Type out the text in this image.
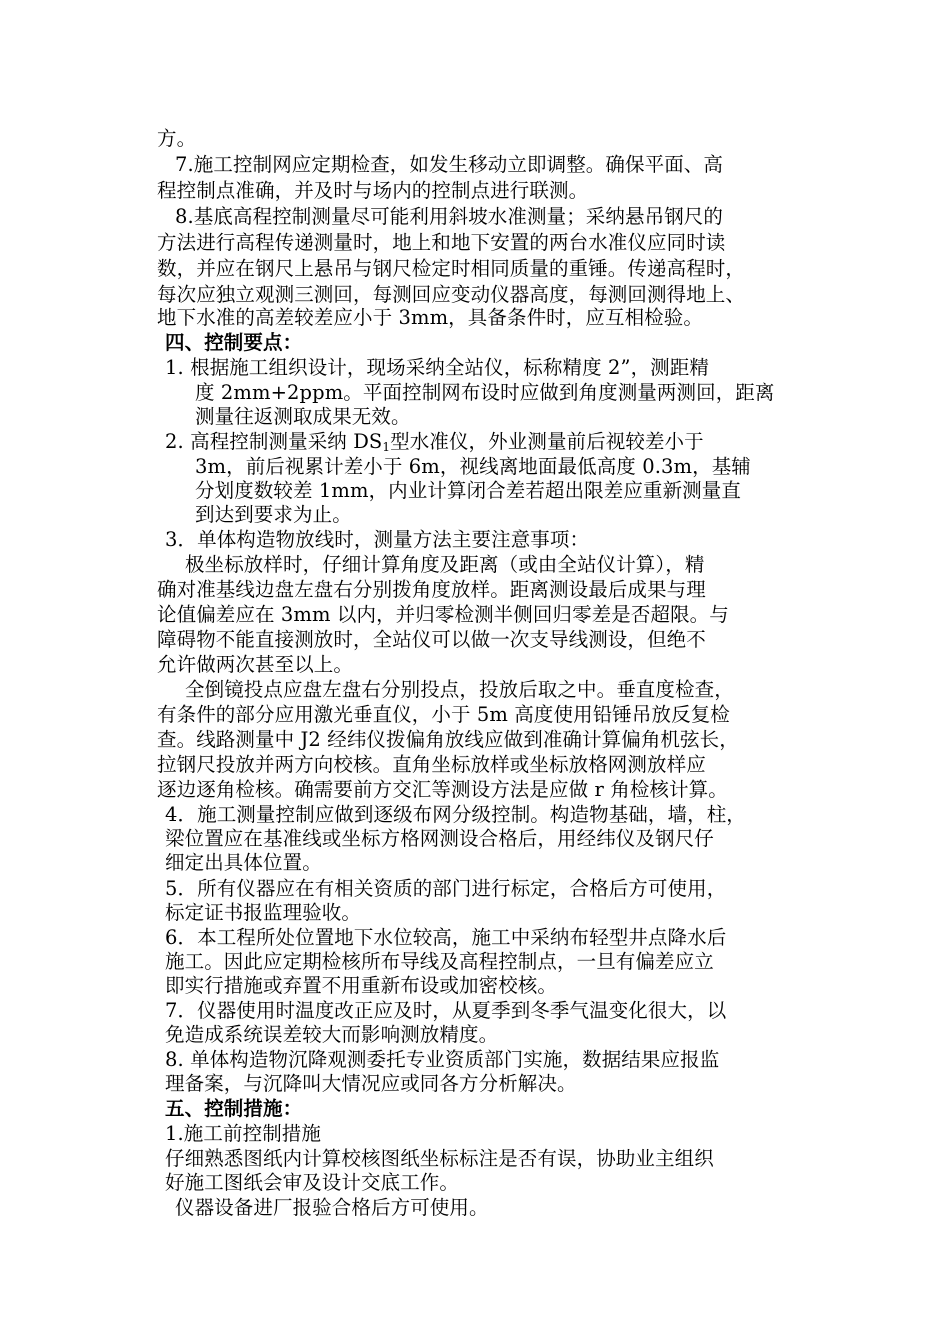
方。
7.施工控制网应定期检查，如发生移动立即调整。确保平面、高
程控制点准确，并及时与场内的控制点进行联测。
8.基底高程控制测量尽可能利用斜坡水准测量；采纳悬吊钢尺的
方法进行高程传递测量时，地上和地下安置的两台水准仪应同时读
数，并应在钢尺上悬吊与钢尺检定时相同质量的重锤。传递高程时，
每次应独立观测三测回，每测回应变动仪器高度，每测回测得地上、
地下水准的高差较差应小于 3mm，具备条件时，应互相检验。
四、控制要点：
1. 根据施工组织设计，现场采纳全站仪，标称精度 2”，测距精
度 2mm+2ppm。平面控制网布设时应做到角度测量两测回，距离
测量往返测取成果无效。
2. 高程控制测量采纳 $DS_1$型水准仪，外业测量前后视较差小于
3m，前后视累计差小于 6m，视线离地面最低高度 0.3m，基辅
分划度数较差 1mm，内业计算闭合差若超出限差应重新测量直
到达到要求为止。
3．单体构造物放线时，测量方法主要注意事项：
极坐标放样时，仔细计算角度及距离（或由全站仪计算），精
确对准基线边盘左盘右分别拨角度放样。距离测设最后成果与理
论值偏差应在 3mm 以内，并归零检测半侧回归零差是否超限。与
障碍物不能直接测放时，全站仪可以做一次支导线测设，但绝不
允许做两次甚至以上。
全倒镜投点应盘左盘右分别投点，投放后取之中。垂直度检查，
有条件的部分应用激光垂直仪，小于 5m 高度使用铅锤吊放反复检
查。线路测量中 J2 经纬仪拨偏角放线应做到准确计算偏角机弦长，
拉钢尺投放并两方向校核。直角坐标放样或坐标放格网测放样应
逐边逐角检核。确需要前方交汇等测设方法是应做 r 角检核计算。
4．施工测量控制应做到逐级布网分级控制。构造物基础，墙，柱，
梁位置应在基准线或坐标方格网测设合格后，用经纬仪及钢尺仔
细定出具体位置。
5．所有仪器应在有相关资质的部门进行标定，合格后方可使用，
标定证书报监理验收。
6．本工程所处位置地下水位较高，施工中采纳布轻型井点降水后
施工。因此应定期检核所布导线及高程控制点，一旦有偏差应立
即实行措施或弃置不用重新布设或加密校核。
7．仪器使用时温度改正应及时，从夏季到冬季气温变化很大，以
免造成系统误差较大而影响测放精度。
8. 单体构造物沉降观测委托专业资质部门实施，数据结果应报监
理备案，与沉降叫大情况应或同各方分析解决。
五、控制措施：
1.施工前控制措施
仔细熟悉图纸内计算校核图纸坐标标注是否有误，协助业主组织
好施工图纸会审及设计交底工作。
仪器设备进厂报验合格后方可使用。
